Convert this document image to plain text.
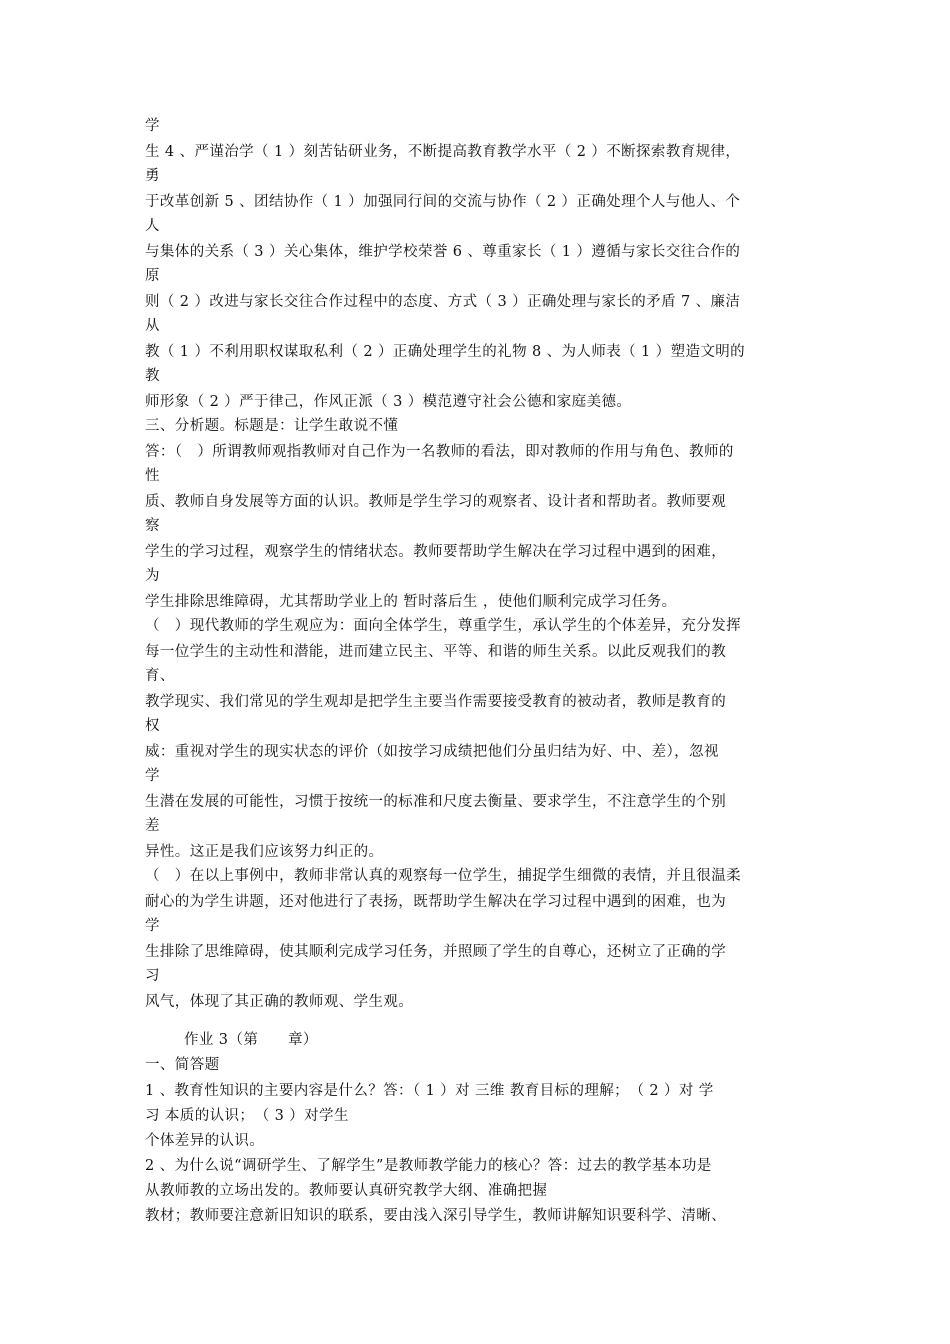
学
生 4 、严谨治学（ 1 ）刻苦钻研业务，不断提高教育教学水平（ 2 ）不断探索教育规律，
勇
于改革创新 5 、团结协作（ 1 ）加强同行间的交流与协作（ 2 ）正确处理个人与他人、个
人
与集体的关系（ 3 ）关心集体，维护学校荣誉 6 、尊重家长（ 1 ）遵循与家长交往合作的
原
则（ 2 ）改进与家长交往合作过程中的态度、方式（ 3 ）正确处理与家长的矛盾 7 、廉洁
从
教（ 1 ）不利用职权谋取私利（ 2 ）正确处理学生的礼物 8 、为人师表（ 1 ）塑造文明的
教
师形象（ 2 ）严于律己，作风正派（ 3 ）模范遵守社会公德和家庭美德。
三、分析题。标题是：让学生敢说不懂
答：（　）所谓教师观指教师对自己作为一名教师的看法，即对教师的作用与角色、教师的
性
质、教师自身发展等方面的认识。教师是学生学习的观察者、设计者和帮助者。教师要观
察
学生的学习过程，观察学生的情绪状态。教师要帮助学生解决在学习过程中遇到的困难，
为
学生排除思维障碍，尤其帮助学业上的 暂时落后生 ，使他们顺利完成学习任务。
（　）现代教师的学生观应为：面向全体学生，尊重学生，承认学生的个体差异，充分发挥
每一位学生的主动性和潜能，进而建立民主、平等、和谐的师生关系。以此反观我们的教
育、
教学现实、我们常见的学生观却是把学生主要当作需要接受教育的被动者，教师是教育的
权
威：重视对学生的现实状态的评价（如按学习成绩把他们分虽归结为好、中、差），忽视
学
生潜在发展的可能性，习惯于按统一的标准和尺度去衡量、要求学生，不注意学生的个别
差
异性。这正是我们应该努力纠正的。
（　）在以上事例中，教师非常认真的观察每一位学生，捕捉学生细微的表情，并且很温柔
耐心的为学生讲题，还对他进行了表扬，既帮助学生解决在学习过程中遇到的困难，也为
学
生排除了思维障碍，使其顺利完成学习任务，并照顾了学生的自尊心，还树立了正确的学
习
风气，体现了其正确的教师观、学生观。
作业 3（第　　章）
一、简答题
1 、教育性知识的主要内容是什么？答：（ 1 ）对 三维 教育目标的理解；　（ 2 ）对 学
习 本质的认识；　（ 3 ）对学生
个体差异的认识。
2 、为什么说“调研学生、了解学生”是教师教学能力的核心？答：过去的教学基本功是
从教师教的立场出发的。教师要认真研究教学大纲、准确把握
教材；教师要注意新旧知识的联系，要由浅入深引导学生，教师讲解知识要科学、清晰、
